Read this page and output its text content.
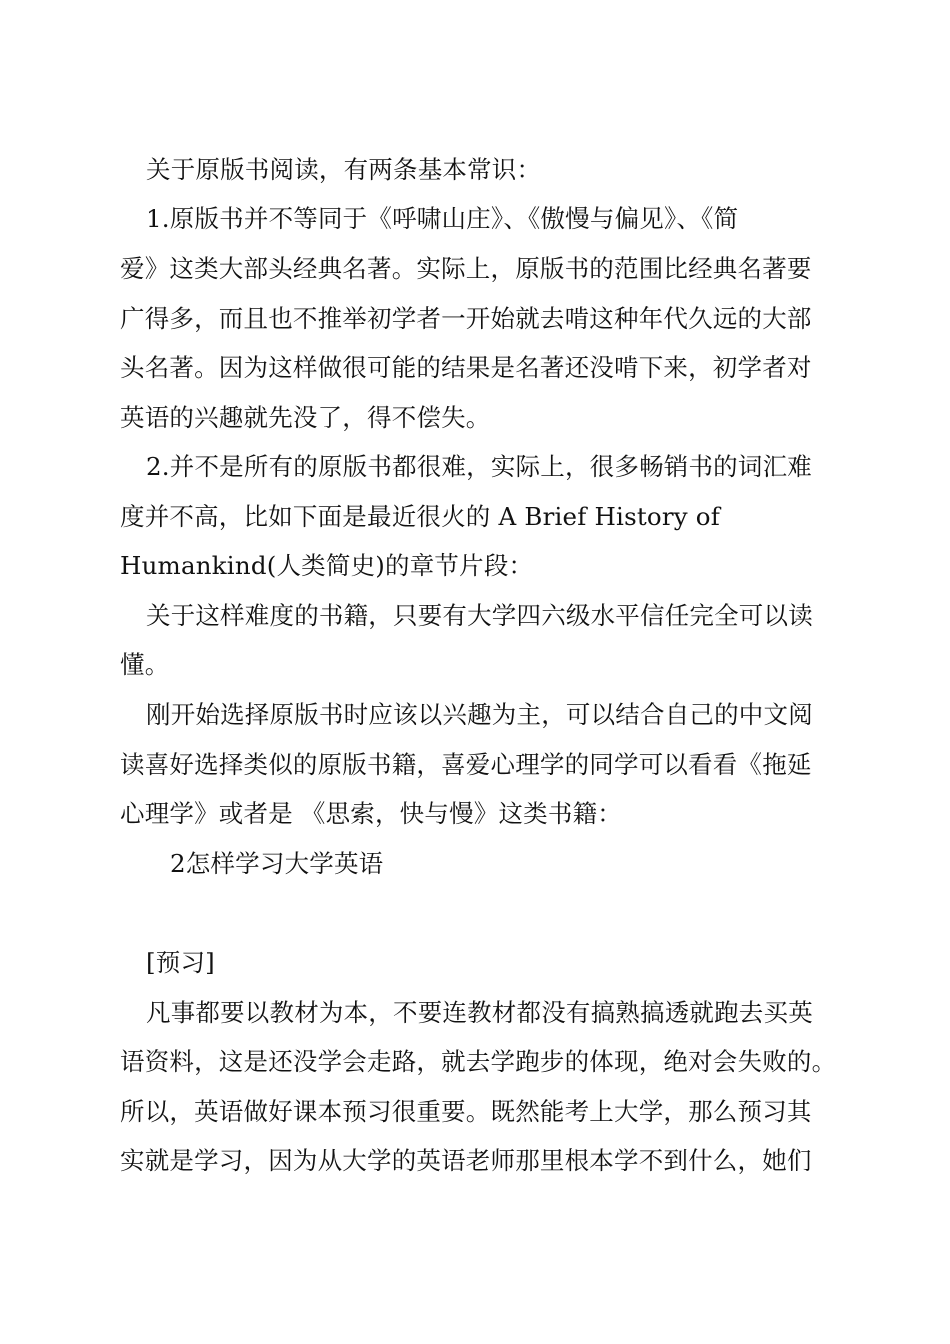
关于原版书阅读，有两条基本常识：
1.原版书并不等同于《呼啸山庄》、《傲慢与偏见》、《简
爱》这类大部头经典名著。实际上，原版书的范围比经典名著要
广得多，而且也不推举初学者一开始就去啃这种年代久远的大部
头名著。因为这样做很可能的结果是名著还没啃下来，初学者对
英语的兴趣就先没了，得不偿失。
2.并不是所有的原版书都很难，实际上，很多畅销书的词汇难
度并不高，比如下面是最近很火的 A Brief History of
Humankind(人类简史)的章节片段：
关于这样难度的书籍，只要有大学四六级水平信任完全可以读
懂。
刚开始选择原版书时应该以兴趣为主，可以结合自己的中文阅
读喜好选择类似的原版书籍，喜爱心理学的同学可以看看《拖延
心理学》或者是 《思索，快与慢》这类书籍：
2怎样学习大学英语
[预习]
凡事都要以教材为本，不要连教材都没有搞熟搞透就跑去买英
语资料，这是还没学会走路，就去学跑步的体现，绝对会失败的。
所以，英语做好课本预习很重要。既然能考上大学，那么预习其
实就是学习，因为从大学的英语老师那里根本学不到什么，她们
